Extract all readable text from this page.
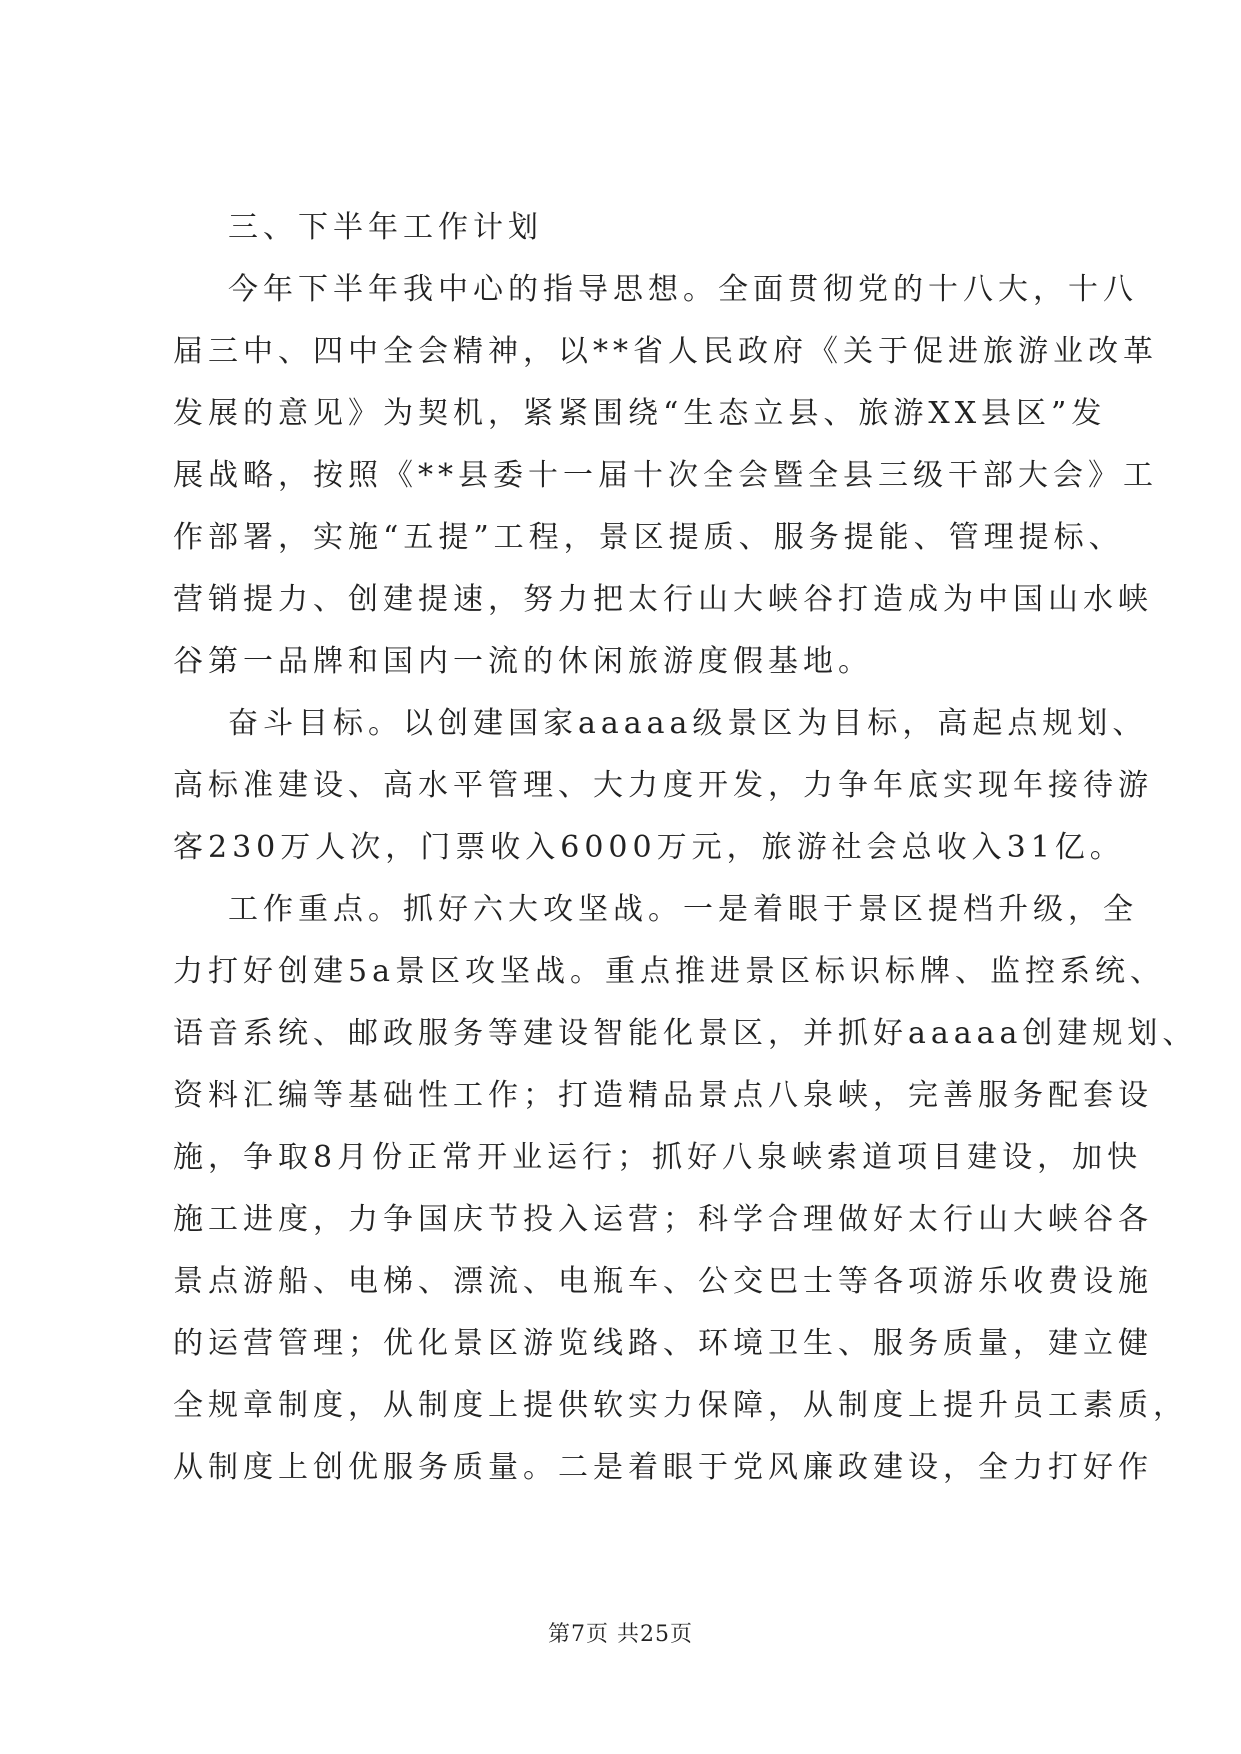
三、下半年工作计划
今年下半年我中心的指导思想。全面贯彻党的十八大，十八
届三中、四中全会精神，以**省人民政府《关于促进旅游业改革
发展的意见》为契机，紧紧围绕“生态立县、旅游XX县区”发
展战略，按照《**县委十一届十次全会暨全县三级干部大会》工
作部署，实施“五提”工程，景区提质、服务提能、管理提标、
营销提力、创建提速，努力把太行山大峡谷打造成为中国山水峡
谷第一品牌和国内一流的休闲旅游度假基地。
奋斗目标。以创建国家aaaaa级景区为目标，高起点规划、
高标准建设、高水平管理、大力度开发，力争年底实现年接待游
客230万人次，门票收入6000万元，旅游社会总收入31亿。
工作重点。抓好六大攻坚战。一是着眼于景区提档升级，全
力打好创建5a景区攻坚战。重点推进景区标识标牌、监控系统、
语音系统、邮政服务等建设智能化景区，并抓好aaaaa创建规划、
资料汇编等基础性工作；打造精品景点八泉峡，完善服务配套设
施，争取8月份正常开业运行；抓好八泉峡索道项目建设，加快
施工进度，力争国庆节投入运营；科学合理做好太行山大峡谷各
景点游船、电梯、漂流、电瓶车、公交巴士等各项游乐收费设施
的运营管理；优化景区游览线路、环境卫生、服务质量，建立健
全规章制度，从制度上提供软实力保障，从制度上提升员工素质，
从制度上创优服务质量。二是着眼于党风廉政建设，全力打好作
第7页 共25页
